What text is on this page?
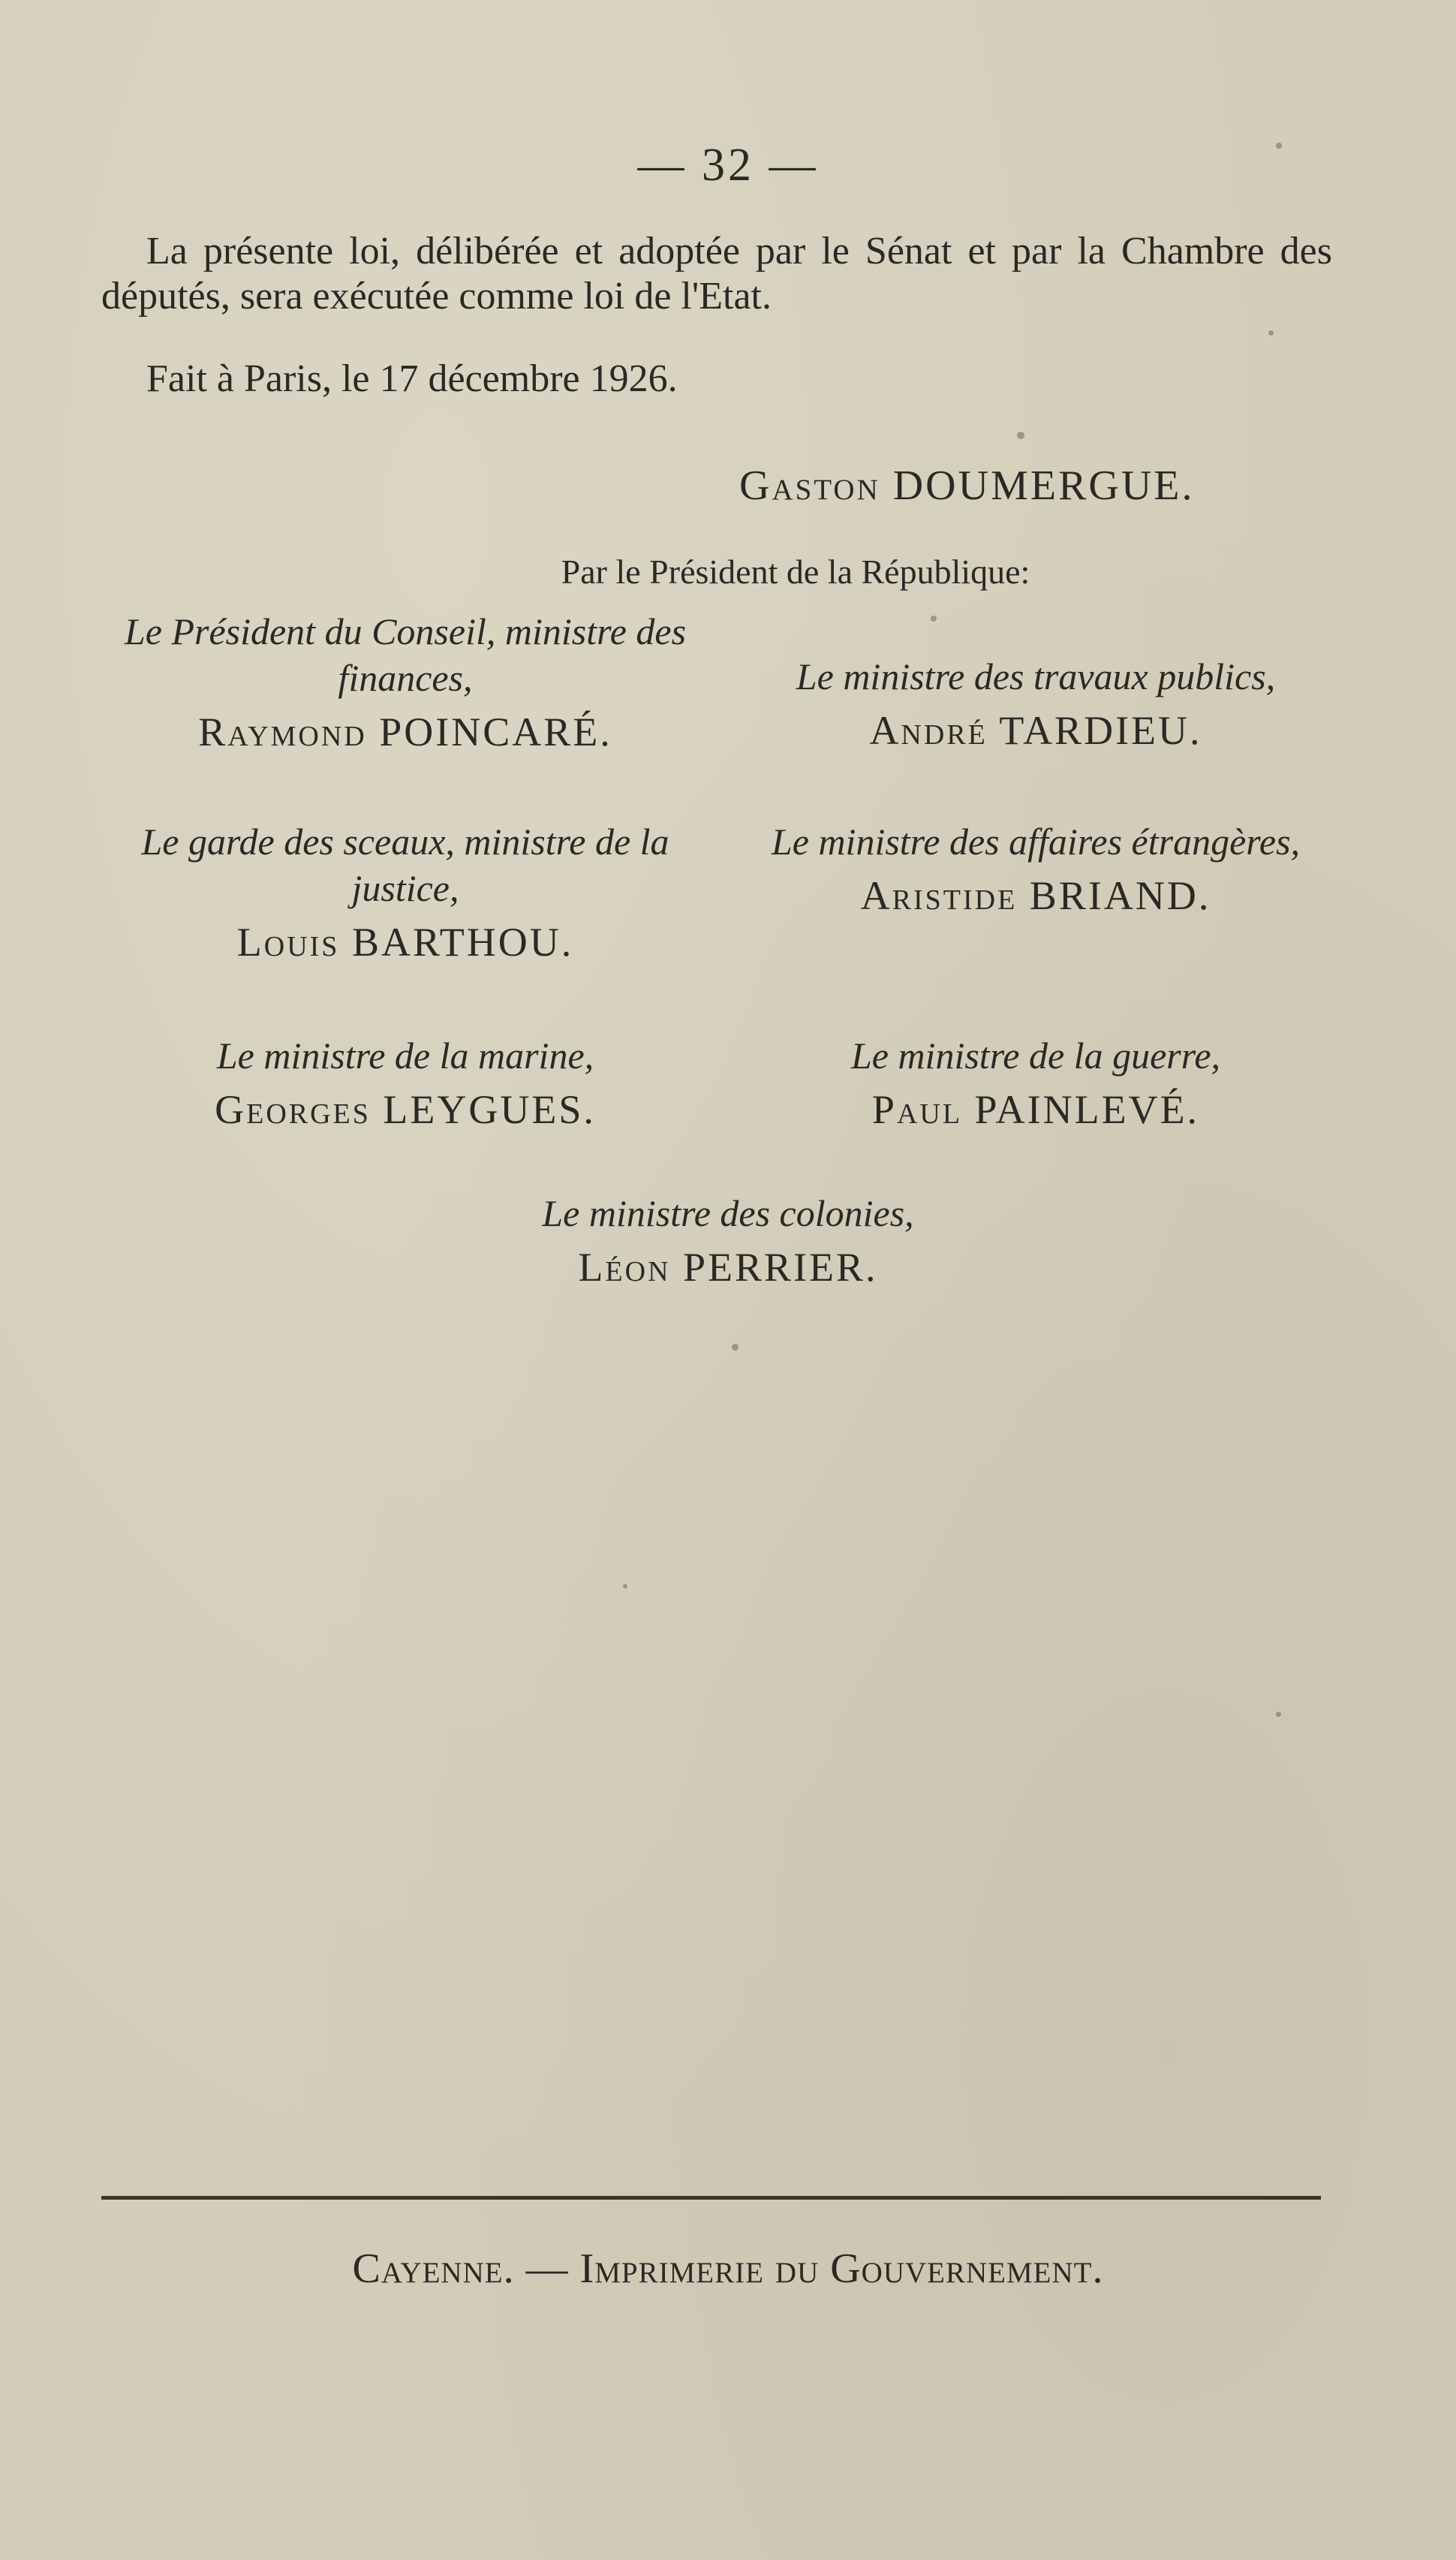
— 32 —
La présente loi, délibérée et adoptée par le Sénat et par la Chambre des députés, sera exécutée comme loi de l'Etat.
Fait à Paris, le 17 décembre 1926.
Gaston DOUMERGUE.
Par le Président de la République:
Le Président du Conseil, ministre des finances,
Raymond POINCARÉ.
Le ministre des travaux publics,
André TARDIEU.
Le garde des sceaux, ministre de la justice,
Louis BARTHOU.
Le ministre des affaires étrangères,
Aristide BRIAND.
Le ministre de la marine,
Georges LEYGUES.
Le ministre de la guerre,
Paul PAINLEVÉ.
Le ministre des colonies,
Léon PERRIER.
Cayenne. — Imprimerie du Gouvernement.
